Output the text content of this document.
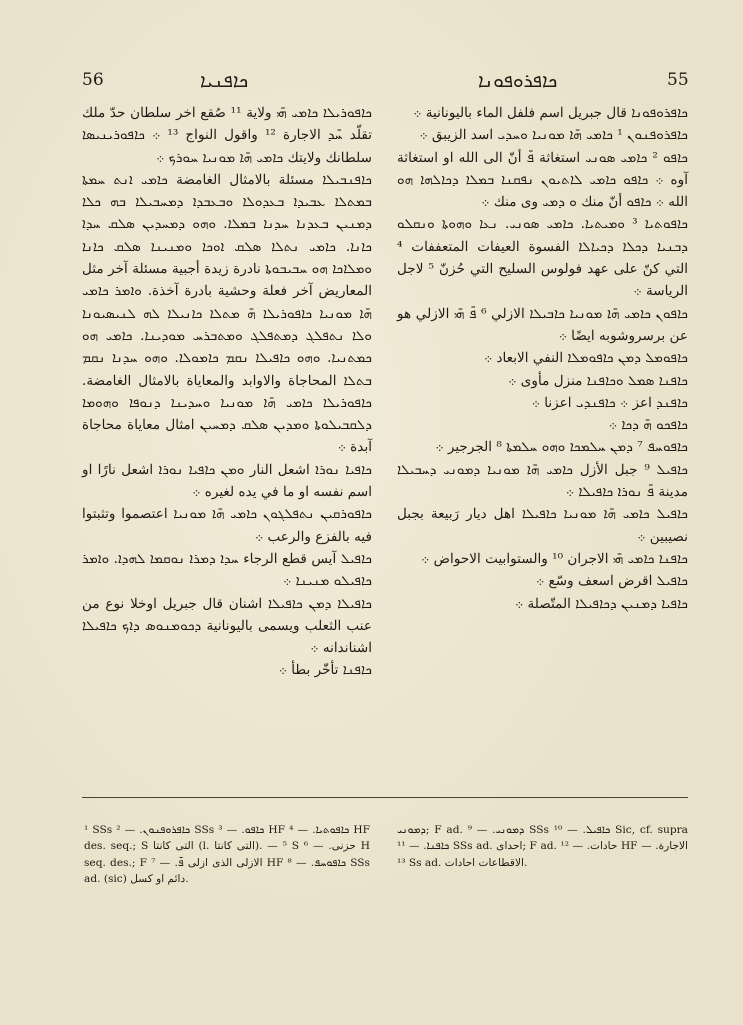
56	ܟܐܦܢܝܐ	ܟܐܦܪܘܦܘܢܐ	55

ܟܐܦܘܪܝܠܐ ܟܐܡܝ ܗ̄ܝ ولاية ¹¹ صُقع اخر سلطان حدّ ملك تقلّد ܚ̄ܕ الاجارة ¹² واقول النواج ¹³ ܀ ܟܐܦܘܪܝܢܝܣܐ سلطانك ولايتك ܟܐܡܝ ܗ̄ܐ ܡܘܢܝܐ ܚܘܪܟ ܀

ܟܐܦܢܒܝܠܐ مسئلة بالامثال الغامضة ܟܐܡܝ ܐܢܬ ܚܡܬܐ ܒܡܬܠܐ ܥܒܝܕܐ ܒܥܕܘܠܐ ܘܒܥܒܕܐ ܕܡܚܒܝܠܐ ܒܗ ܟܠܐ ܕܡܢܝܢ ܒܥܕܢܐ ܚܕܢܐ ܒܡܠܐ. ܘܗܘ ܕܡܚܕܝܢ ܣܠܩ ܚܕܐ ܟܐܢܐ. ܟܐܡܝ ܢܬܠܐ ܣܠܩ ܐܘܟܐ ܘܡܢܝܢܐ ܣܠܩ ܟܐܢܐ ܘܡܠܐܟܐ ܗܘ ܚܒܝܒܘܬܐ نادرة زيدة أجبية مسئلة آخر مثل المعاريض آخر فعلة وحشية بادرة آخذة. ܘܐܡܪ ܟܐܡܝ ܗ̄ܐ ܡܘܢܝܐ ܟܐܦܘܪܝܠܐ ܗ̄ ܡܬܠܐ ܟܐܢܝܠܐ ܠܗ ܠܢܝܣܝܘܢܐ ܘܠܐ ܢܬܦܠܓ ܕܡܬܦܠܓ ܘܡܬܒܪܚ ܡܘܕܝܢܐ. ܟܐܡܝ ܗܘ ܟܡܬܢܝܐ. ܘܗܘ ܟܐܦܝܠܐ ܢܩܡ ܟܐܡܘܠܐ. ܘܗܘ ܚܕܢܐ ܢܩܡ ܒܬܠܐ المحاجاة والاوابد والمعاياة بالامثال الغامضة. ܟܐܦܘܪܝܠܐ ܟܐܡܝ ܗ̄ܐ ܡܘܢܝܐ ܘܚܕܝܢܐ ܕܢܘܦܐ ܘܗܘܡܐ ܕܠܩܒܝܠܘܬܐ ܘܡܕܝܢ ܣܠܩ ܕܡܚܝܢ امثال معاياة محاجاة آبدة ܀

ܟܐܦܝܐ ܢܘܪܐ اشعل النار ܘܡܢ ܟܐܦܝܐ ܢܘܪܐ اشعل نارًا او اسم نفسه او ما في يده لغيره ܀

ܟܐܦܘܪܩܝܢ ܢܬܦܠܓܘܢ ܟܐܡܝ ܗ̄ܐ ܡܘܢܝܐ اعتصموا وتثبتوا فيه بالفزع والرعب ܀

ܟܐܦܝܠ آيس قطع الرجاء ܚܕܐ ܕܡܪܐ ܢܘܩܡܐ ܠܗܕܐ. ܘܐܡܪ ܟܐܦܝܠܘ ܡܢܝܢܐ ܀

ܟܐܦܝܠܐ ܕܡܢ ܟܐܦܝܠܐ اشنان قال جبريل اوخلا نوع من عنب الثعلب ويسمى باليونانية ܕܟܘܡܢܘܣ ܕܐܟ ܟܐܦܝܠܐ اشناندانه ܀

ܟܐܦܢܐ تأخّر بطأ ܀

ܟܐܦܪܘܦܘܢܐ قال جبريل اسم فلفل الماء باليونانية ܀

ܟܐܦܪܘܦܢܘܢ ¹ ܟܐܡܝ ܗ̄ܐ ܡܘܢܝܐ ܘܚܕܝ اسد الزيبق ܀

ܟܐܦܘ ² ܟܐܡܝ ܣܘܢܝ استغاثة ܦ̄ أنّ الى الله او استغاثة آوه ܀ ܟܐܦܘ ܟܐܡܝ ܠܐܬܝܘܢ ܢܦܩܢܐ ܒܡܠܐ ܕܟܐܠܗܐ ܗܘ الله ܀ ܟܐܦܘ أنّ منك ܘ ܕܡܝ وى منك ܀

ܟܐܦܘܬܝܐ ³ ܘܡܝܬܝܐ. ܟܐܡܝ ܣܘܢܝ. ܢܥܐ ܘܗܘܬܐ ܘܢܩܠܘ ܕܒܢܝܐ ܕܟܠܐ ܕܟܝܐܠܐ الفسوة العيفات المتعففات ⁴ التي كنّ على عهد فولوس السليح التي حُزنّ ⁵ لاجل الرياسة ܀

ܟܐܦܘܢ ܟܐܡܝ ܗ̄ܐ ܡܘܢܝܐ ܟܐܒܝܠܐ الازلي ⁶ ܦ̄ ܗ̄ܝ الازلي هو عن برسروشوبه ايضًا ܀

ܟܐܦܘܡܠ ܕܡܢ ܟܐܦܘܡܠܐ النفي الابعاد ܀

ܟܐܦܢܐ ܣܡܠ ܘܟܐܦܢܐ منزل مأوى ܀

ܟܐܦܢܕ اعز ܀ ܟܐܦܢܕܝ اعزنا ܀

ܟܐܦܟܘ ܗ̄ ܕܟܐ ܀

ܟܐܦܘܚܦ ⁷ ܕܡܢ ܚܠܡܟܐ ܘܗܘ ܚܠܡܬܐ ⁸ الجرجير ܀

ܟܐܦܝܠ ⁹ جبل الأزل ܟܐܡܝ ܗ̄ܐ ܡܘܢܝܐ ܕܡܘܢܝ ܕܚܒܝܠܐ مدينة ܦ̄ ܢܘܪܐ ܟܐܦܝܠܐ ܀

ܟܐܦܝܠ ܟܐܡܝ ܗ̄ܐ ܡܘܢܝܐ ܟܐܦܝܠܐ اهل ديار رَبيعة بجبل نصيبين ܀

ܟܐܦܢܐ ܟܐܡܝ ܗ̄ܝ الاجران ¹⁰ والستوابيت الاحواض ܀

ܟܐܦܝܠ اقرض اسعف وسّع ܀

ܟܐܦܝܐ ܕܡܢܝܢ ܕܟܐܦܝܠܐ المتّصلة ܀

¹ SSs ܟܐܦܪܘܦܢܘܢ. — ² SSs ܟܐܦܘ. — ³ HF ܟܐܦܘܬܝܐ. — ⁴ HF des. seq.; S التى كانتا (l. التى كانتا). — ⁵ S حزنى. — ⁶ H seq. des.; F الازلى الذى ازلى ܦ̄. — ⁷ HF ܟܐܦܘܚܦ. — ⁸ SSs ad. (sic) دائم او كسل.
ܕܡܘܢܝ; F ad. ܕܡܘܢܝ. — ⁹ SSs ܟܐܦܝܠ. — ¹⁰ Sic, cf. supra ܟܐܦܢܐ. — ¹¹ SSs ad. احداى; F ad. حادات. — ¹² HF الاجارة. — ¹³ Ss ad. الاقطاعات احادات.
